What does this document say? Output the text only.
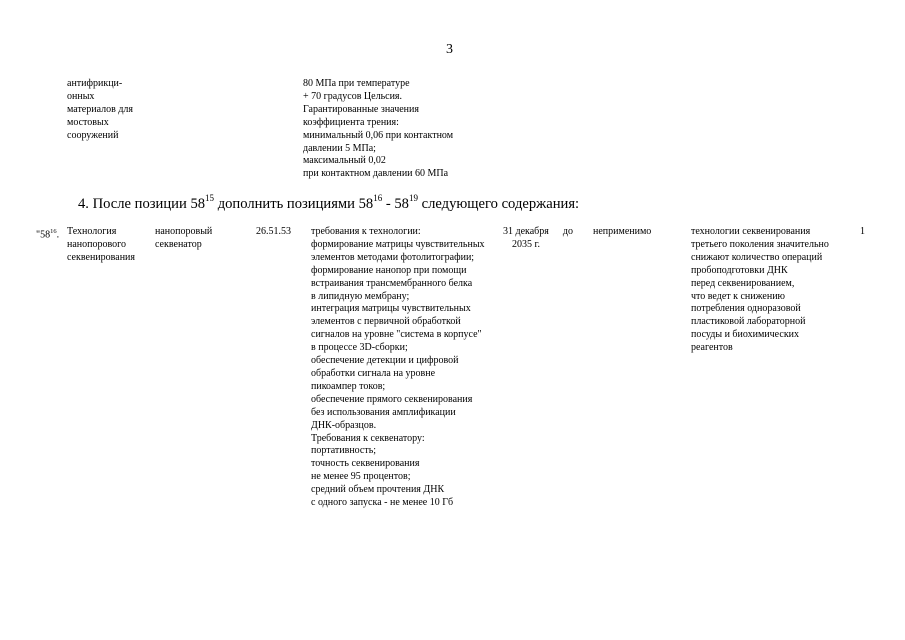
3
антифрикци-
онных
материалов для
мостовых
сооружений
80 МПа при температуре
+ 70 градусов Цельсия.
Гарантированные значения
коэффициента трения:
минимальный 0,06 при контактном
давлении 5 МПа;
максимальный 0,02
при контактном давлении 60 МПа
4. После позиции $58^{15}$ дополнить позициями $58^{16} - 58^{19}$ следующего содержания:
"$58^{16}$. Технология
нанопорового
секвенирования
нанопоровый
секвенатор
26.51.53 требования к технологии:
формирование матрицы чувствительных
элементов методами фотолитографии;
формирование нанопор при помощи
встраивания трансмембранного белка
в липидную мембрану;
интеграция матрицы чувствительных
элементов с первичной обработкой
сигналов на уровне "система в корпусе"
в процессе 3D-сборки;
обеспечение детекции и цифровой
обработки сигнала на уровне
пикоампер токов;
обеспечение прямого секвенирования
без использования амплификации
ДНК-образцов.
Требования к секвенатору:
портативность;
точность секвенирования
не менее 95 процентов;
средний объем прочтения ДНК
с одного запуска - не менее 10 Гб
31 декабря до
2035 г.
неприменимо	технологии секвенирования
третьего поколения значительно
снижают количество операций
пробоподготовки ДНК
перед секвенированием,
что ведет к снижению
потребления одноразовой
пластиковой лабораторной
посуды и биохимических
реагентов
1
